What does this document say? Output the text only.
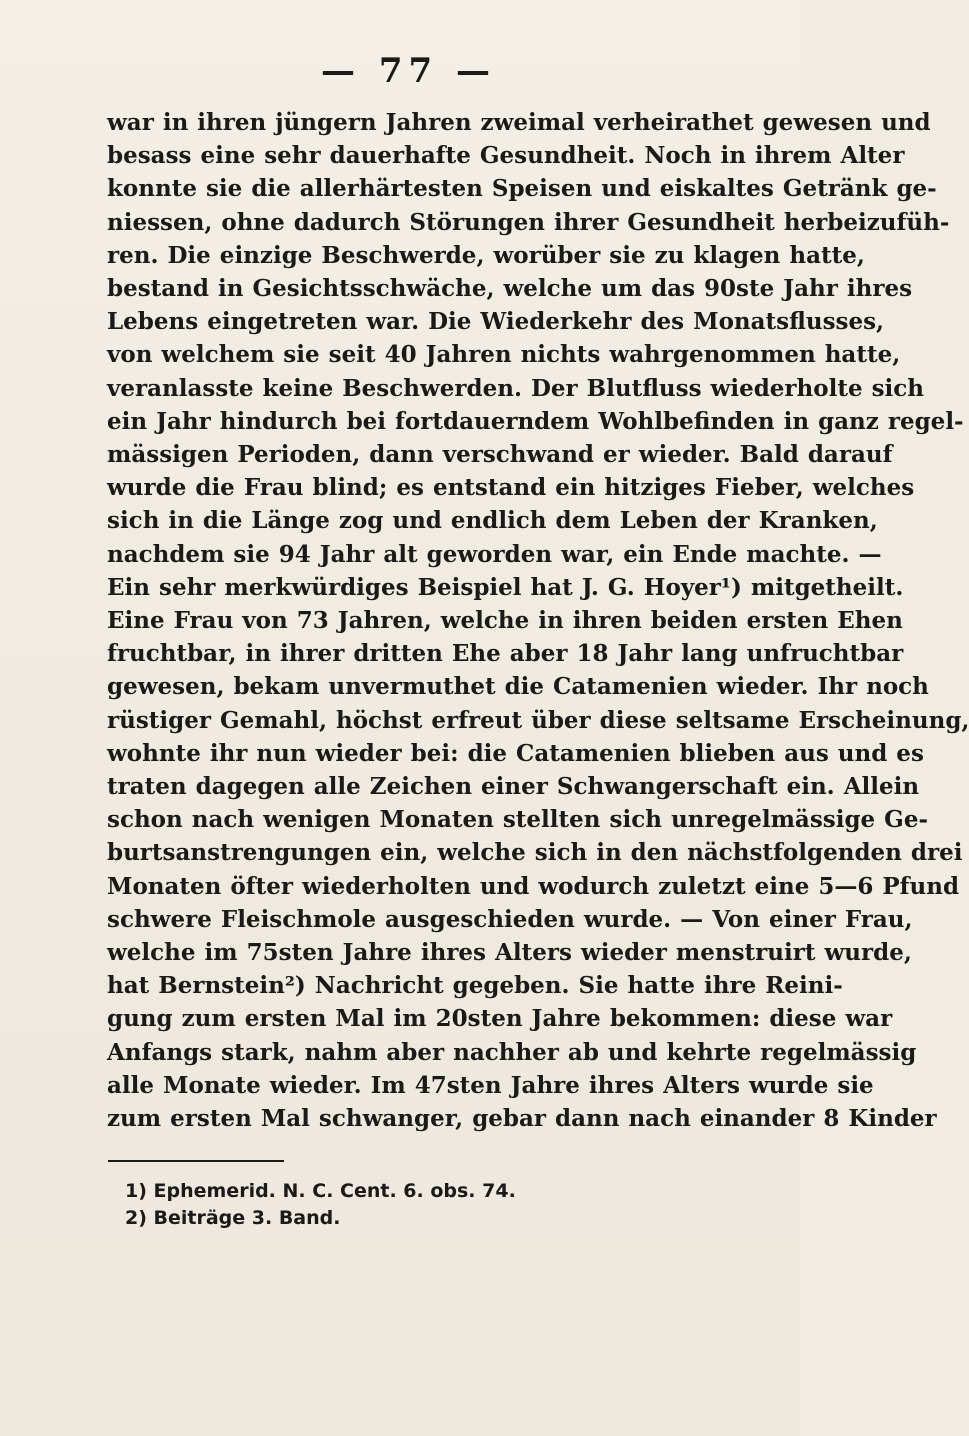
— 77 —
war in ihren jüngern Jahren zweimal verheirathet gewesen und
besass eine sehr dauerhafte Gesundheit. Noch in ihrem Alter
konnte sie die allerhärtesten Speisen und eiskaltes Getränk ge-
niessen, ohne dadurch Störungen ihrer Gesundheit herbeizufüh-
ren. Die einzige Beschwerde, worüber sie zu klagen hatte,
bestand in Gesichtsschwäche, welche um das 90ste Jahr ihres
Lebens eingetreten war. Die Wiederkehr des Monatsflusses,
von welchem sie seit 40 Jahren nichts wahrgenommen hatte,
veranlasste keine Beschwerden. Der Blutfluss wiederholte sich
ein Jahr hindurch bei fortdauerndem Wohlbefinden in ganz regel-
mässigen Perioden, dann verschwand er wieder. Bald darauf
wurde die Frau blind; es entstand ein hitziges Fieber, welches
sich in die Länge zog und endlich dem Leben der Kranken,
nachdem sie 94 Jahr alt geworden war, ein Ende machte. —
Ein sehr merkwürdiges Beispiel hat J. G. Hoyer¹) mitgetheilt.
Eine Frau von 73 Jahren, welche in ihren beiden ersten Ehen
fruchtbar, in ihrer dritten Ehe aber 18 Jahr lang unfruchtbar
gewesen, bekam unvermuthet die Catamenien wieder. Ihr noch
rüstiger Gemahl, höchst erfreut über diese seltsame Erscheinung,
wohnte ihr nun wieder bei: die Catamenien blieben aus und es
traten dagegen alle Zeichen einer Schwangerschaft ein. Allein
schon nach wenigen Monaten stellten sich unregelmässige Ge-
burtsanstrengungen ein, welche sich in den nächstfolgenden drei
Monaten öfter wiederholten und wodurch zuletzt eine 5—6 Pfund
schwere Fleischmole ausgeschieden wurde. — Von einer Frau,
welche im 75sten Jahre ihres Alters wieder menstruirt wurde,
hat Bernstein²) Nachricht gegeben. Sie hatte ihre Reini-
gung zum ersten Mal im 20sten Jahre bekommen: diese war
Anfangs stark, nahm aber nachher ab und kehrte regelmässig
alle Monate wieder. Im 47sten Jahre ihres Alters wurde sie
zum ersten Mal schwanger, gebar dann nach einander 8 Kinder
1) Ephemerid. N. C. Cent. 6. obs. 74.
2) Beiträge 3. Band.
